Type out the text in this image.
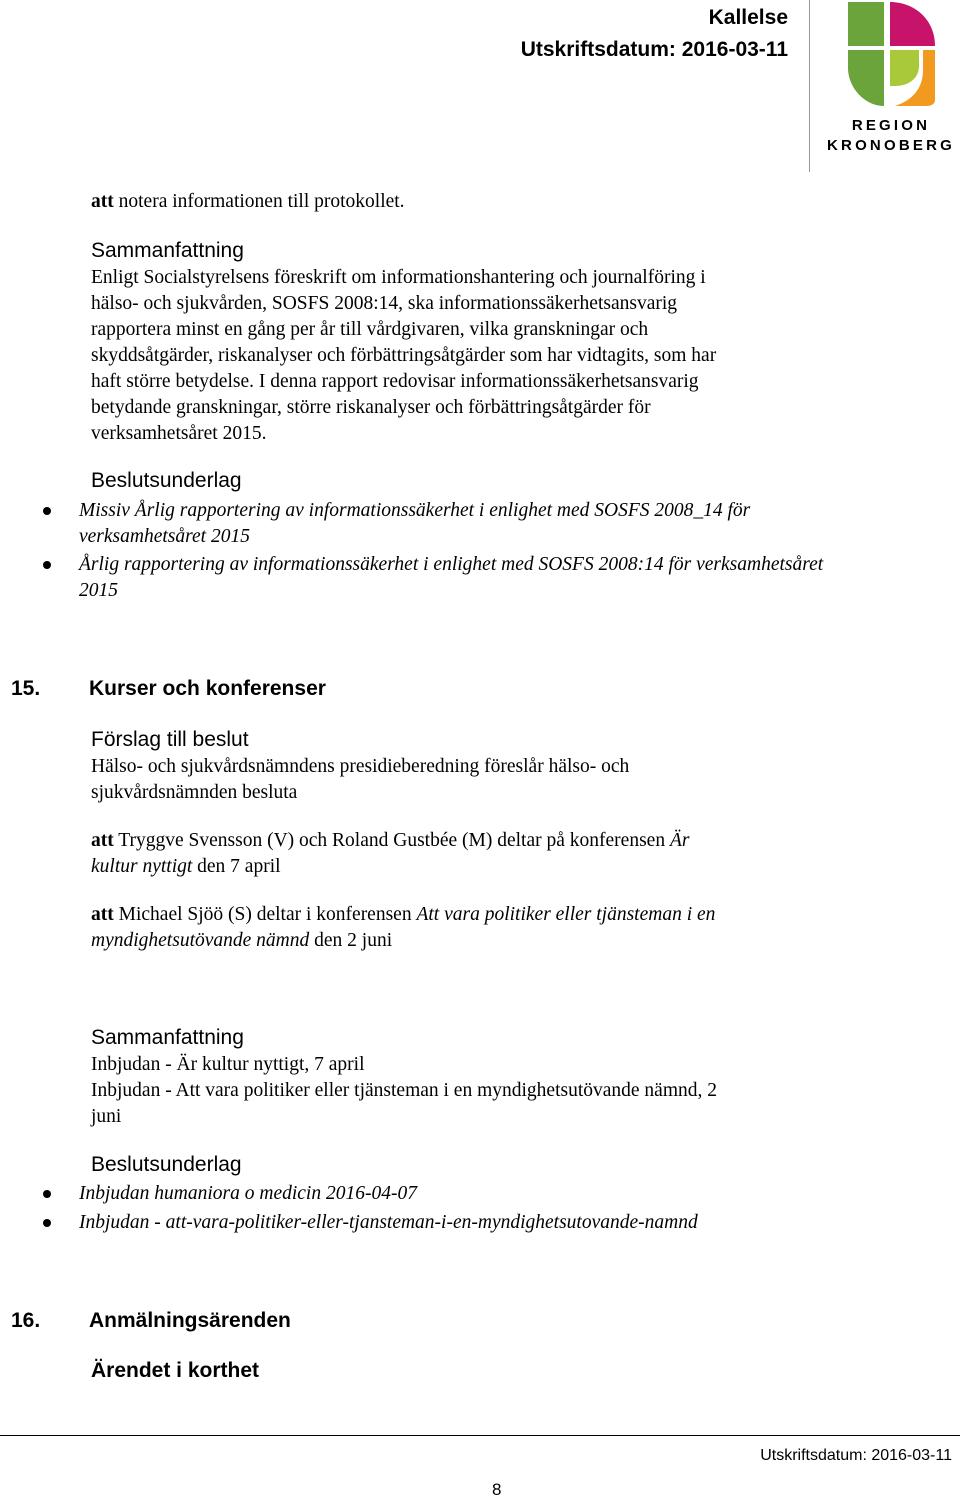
Kallelse
Utskriftsdatum: 2016-03-11
REGION
KRONOBERG
att notera informationen till protokollet.
Sammanfattning
Enligt Socialstyrelsens föreskrift om informationshantering och journalföring i
hälso- och sjukvården, SOSFS 2008:14, ska informationssäkerhetsansvarig
rapportera minst en gång per år till vårdgivaren, vilka granskningar och
skyddsåtgärder, riskanalyser och förbättringsåtgärder som har vidtagits, som har
haft större betydelse. I denna rapport redovisar informationssäkerhetsansvarig
betydande granskningar, större riskanalyser och förbättringsåtgärder för
verksamhetsåret 2015.
Beslutsunderlag
Missiv Årlig rapportering av informationssäkerhet i enlighet med SOSFS 2008_14 för
verksamhetsåret 2015
Årlig rapportering av informationssäkerhet i enlighet med SOSFS 2008:14 för verksamhetsåret
2015
15. Kurser och konferenser
Förslag till beslut
Hälso- och sjukvårdsnämndens presidieberedning föreslår hälso- och
sjukvårdsnämnden besluta
att Tryggve Svensson (V) och Roland Gustbée (M) deltar på konferensen Är
kultur nyttigt den 7 april
att Michael Sjöö (S) deltar i konferensen Att vara politiker eller tjänsteman i en
myndighetsutövande nämnd den 2 juni
Sammanfattning
Inbjudan - Är kultur nyttigt, 7 april
Inbjudan - Att vara politiker eller tjänsteman i en myndighetsutövande nämnd, 2
juni
Beslutsunderlag
Inbjudan humaniora o medicin 2016-04-07
Inbjudan - att-vara-politiker-eller-tjansteman-i-en-myndighetsutovande-namnd
16. Anmälningsärenden
Ärendet i korthet
Utskriftsdatum: 2016-03-11
8
